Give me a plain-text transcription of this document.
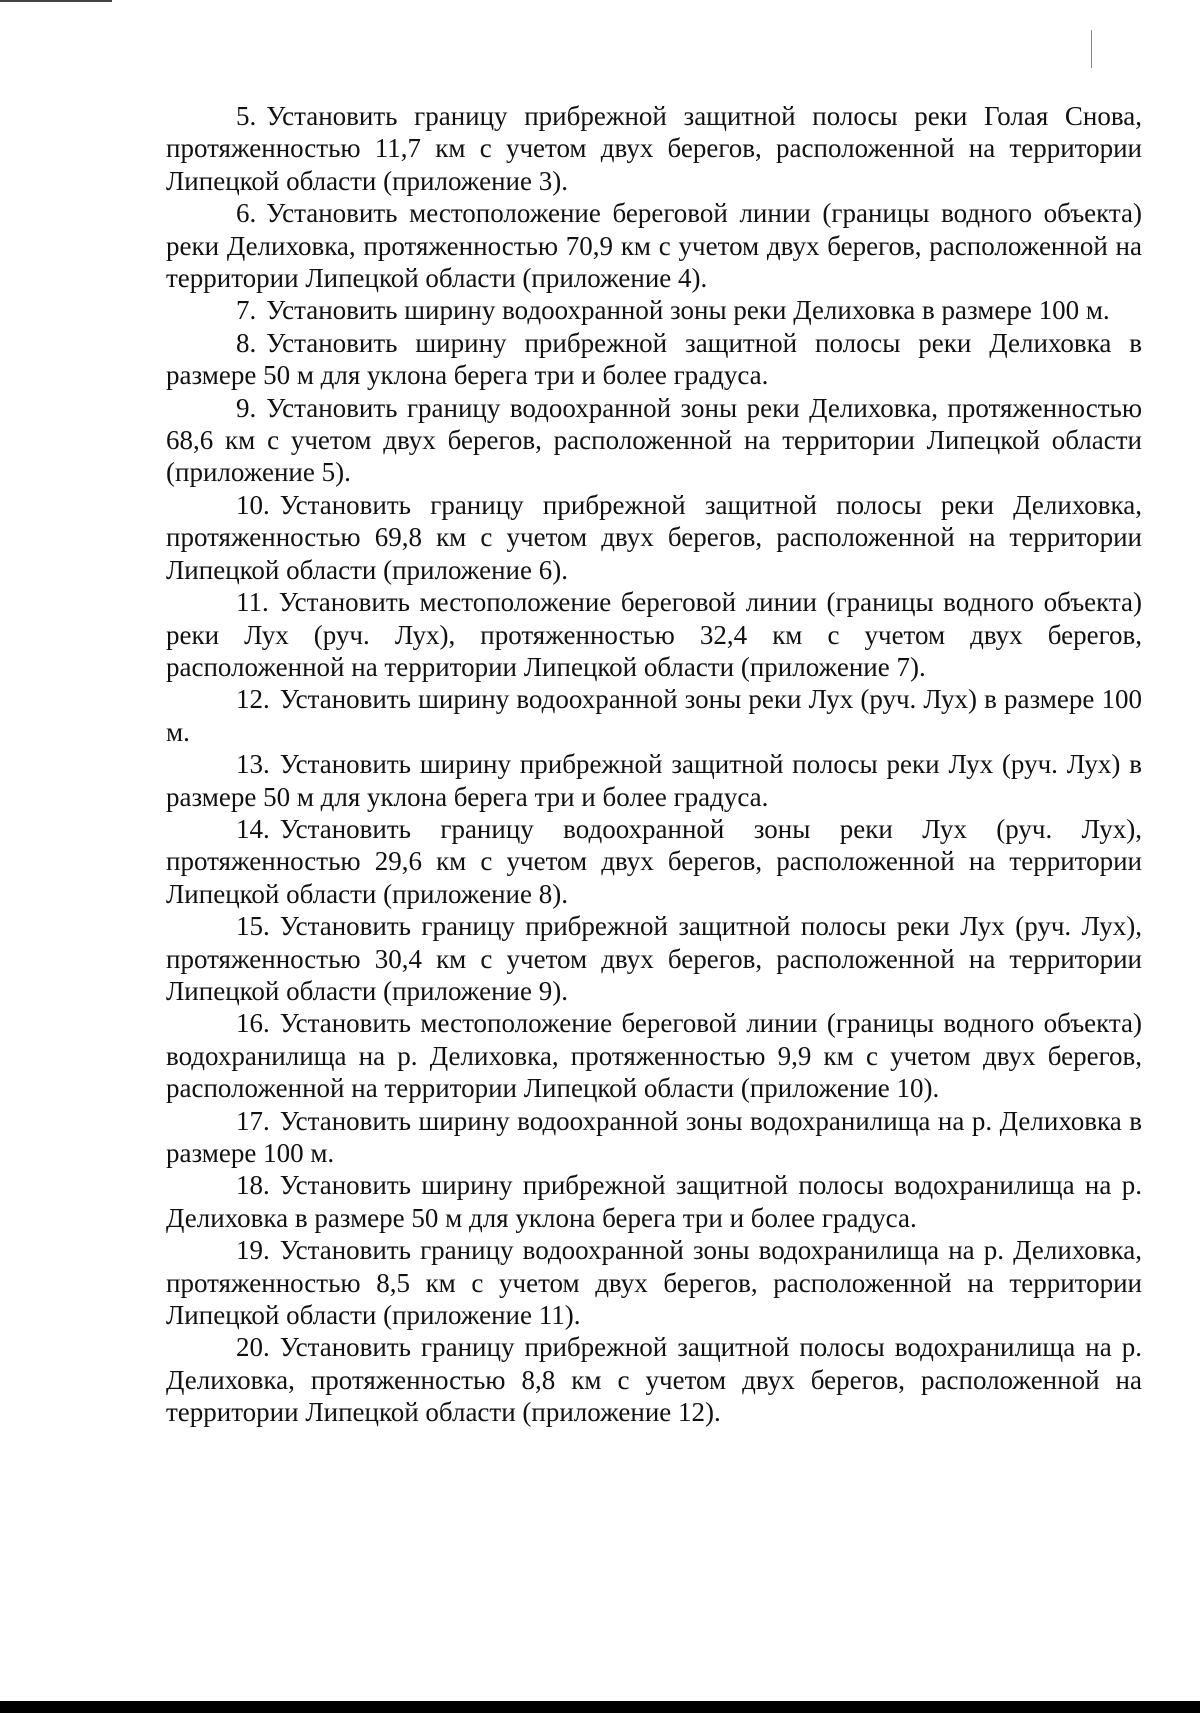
5. Установить границу прибрежной защитной полосы реки Голая Снова, протяженностью 11,7 км с учетом двух берегов, расположенной на территории Липецкой области (приложение 3).

6. Установить местоположение береговой линии (границы водного объекта) реки Делиховка, протяженностью 70,9 км с учетом двух берегов, расположенной на территории Липецкой области (приложение 4).

7. Установить ширину водоохранной зоны реки Делиховка в размере 100 м.

8. Установить ширину прибрежной защитной полосы реки Делиховка в размере 50 м для уклона берега три и более градуса.

9. Установить границу водоохранной зоны реки Делиховка, протяженностью 68,6 км с учетом двух берегов, расположенной на территории Липецкой области (приложение 5).

10. Установить границу прибрежной защитной полосы реки Делиховка, протяженностью 69,8 км с учетом двух берегов, расположенной на территории Липецкой области (приложение 6).

11. Установить местоположение береговой линии (границы водного объекта) реки Лух (руч. Лух), протяженностью 32,4 км с учетом двух берегов, расположенной на территории Липецкой области (приложение 7).

12. Установить ширину водоохранной зоны реки Лух (руч. Лух) в размере 100 м.

13. Установить ширину прибрежной защитной полосы реки Лух (руч. Лух) в размере 50 м для уклона берега три и более градуса.

14. Установить границу водоохранной зоны реки Лух (руч. Лух), протяженностью 29,6 км с учетом двух берегов, расположенной на территории Липецкой области (приложение 8).

15. Установить границу прибрежной защитной полосы реки Лух (руч. Лух), протяженностью 30,4 км с учетом двух берегов, расположенной на территории Липецкой области (приложение 9).

16. Установить местоположение береговой линии (границы водного объекта) водохранилища на р. Делиховка, протяженностью 9,9 км с учетом двух берегов, расположенной на территории Липецкой области (приложение 10).

17. Установить ширину водоохранной зоны водохранилища на р. Делиховка в размере 100 м.

18. Установить ширину прибрежной защитной полосы водохранилища на р. Делиховка в размере 50 м для уклона берега три и более градуса.

19. Установить границу водоохранной зоны водохранилища на р. Делиховка, протяженностью 8,5 км с учетом двух берегов, расположенной на территории Липецкой области (приложение 11).

20. Установить границу прибрежной защитной полосы водохранилища на р. Делиховка, протяженностью 8,8 км с учетом двух берегов, расположенной на территории Липецкой области (приложение 12).
